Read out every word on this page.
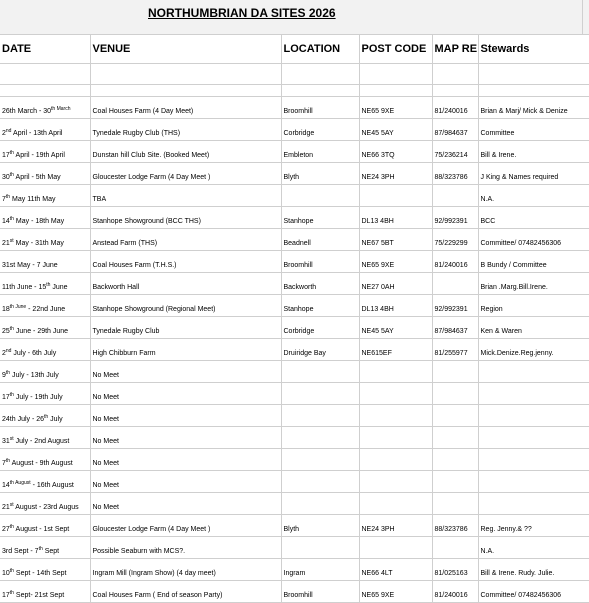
NORTHUMBRIAN DA SITES 2026
DATE	VENUE	LOCATION	POST CODE	MAP RE	Stewards

26th March - $30^{th March}$	Coal Houses Farm (4 Day Meet)	Broomhill	NE65 9XE	81/240016	Brian & Marj/ Mick & Denize
2nd April - 13th April	Tynedale Rugby Club (THS)	Corbridge	NE45 5AY	87/984637	Committee
17th April - 19th April	Dunstan hill Club Site. (Booked Meet)	Embleton	NE66 3TQ	75/236214	Bill & Irene.
30th April - 5th May	Gloucester Lodge Farm (4 Day Meet )	Blyth	NE24 3PH	88/323786	J King & Names required
7th May 11th May	TBA				N.A.
14th May - 18th May	Stanhope Showground (BCC THS)	Stanhope	DL13 4BH	92/992391	BCC
21st May - 31th May	Anstead Farm (THS)	Beadnell	NE67 5BT	75/229299	Committee/ 07482456306
31st May - 7 June	Coal Houses Farm (T.H.S.)	Broomhill	NE65 9XE	81/240016	B Bundy / Committee
11th June - 15th June	Backworth Hall	Backworth	NE27 0AH		Brian .Marg.Bill.Irene.
$18^{th June} - 22nd$ June	Stanhope Showground (Regional Meet)	Stanhope	DL13 4BH	92/992391	Region
25th June - 29th June	Tynedale Rugby Club	Corbridge	NE45 5AY	87/984637	Ken & Waren
2nd July - 6th July	High Chibburn Farm	Druiridge Bay	NE615EF	81/255977	Mick.Denize.Reg.jenny.
9th July - 13th July	No Meet				
17th July - 19th July	No Meet				
24th July - 26th July	No Meet				
31st July - 2nd August	No Meet				
7th August - 9th August	No Meet				
$14^{th August} - 16th$ August	No Meet				
21st August - 23rd Augus	No Meet				
27th August - 1st Sept	Gloucester Lodge Farm (4 Day Meet )	Blyth	NE24 3PH	88/323786	Reg. Jenny.& ??
3rd Sept - 7th Sept	Possible Seaburn with MCS?.				N.A.
10th Sept - 14th Sept	Ingram Mill (Ingram Show) (4 day meet)	Ingram	NE66 4LT	81/025163	Bill & Irene. Rudy. Julie.
17th Sept- 21st Sept	Coal Houses Farm ( End of season Party)	Broomhill	NE65 9XE	81/240016	Committee/ 07482456306
